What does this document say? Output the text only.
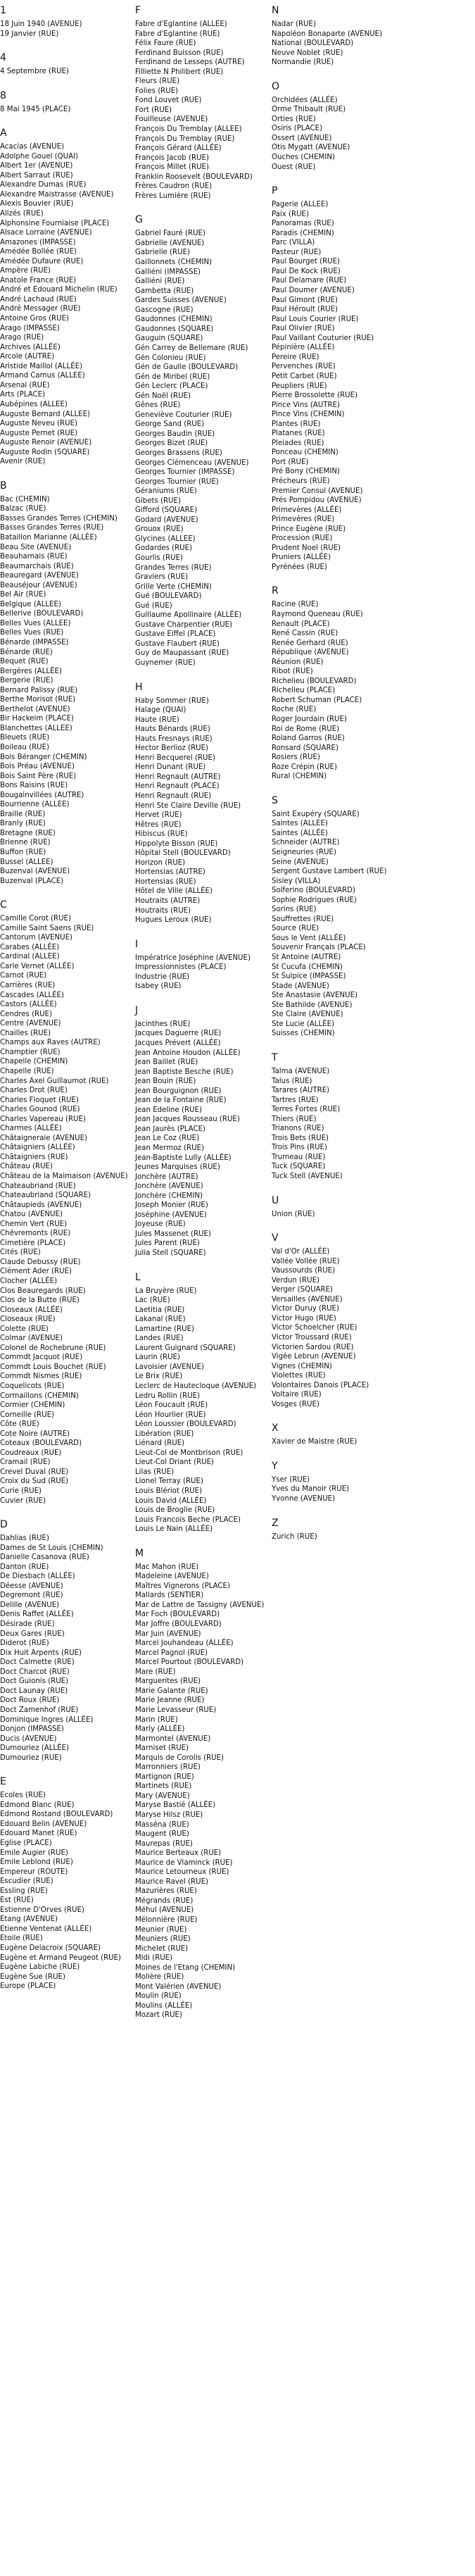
1
18 Juin 1940 (AVENUE)
19 Janvier (RUE)
4
4 Septembre (RUE)
8
8 Mai 1945 (PLACE)
A
Acacias (AVENUE)
Adolphe Gouel (QUAI)
Albert 1er (AVENUE)
Albert Sarraut (RUE)
Alexandre Dumas (RUE)
Alexandre Maistrasse (AVENUE)
Alexis Bouvier (RUE)
Alizés (RUE)
Alphonsine Fourniaise (PLACE)
Alsace Lorraine (AVENUE)
Amazones (IMPASSE)
Amédée Bollée (RUE)
Amédée Dufaure (RUE)
Ampère (RUE)
Anatole France (RUE)
André et Edouard Michelin (RUE)
André Lachaud (RUE)
André Messager (RUE)
Antoine Gros (RUE)
Arago (IMPASSE)
Arago (RUE)
Archives (ALLÉE)
Arcole (AUTRE)
Aristide Maillol (ALLÉE)
Armand Camus (ALLEE)
Arsenal (RUE)
Arts (PLACE)
Aubépines (ALLEE)
Auguste Bernard (ALLEE)
Auguste Neveu (RUE)
Auguste Pernet (RUE)
Auguste Renoir (AVENUE)
Auguste Rodin (SQUARE)
Avenir (RUE)
B
Bac (CHEMIN)
Balzac (RUE)
Basses Grandes Terres (CHEMIN)
Basses Grandes Terres (RUE)
Bataillon Marianne (ALLÉE)
Beau Site (AVENUE)
Beauharnais (RUE)
Beaumarchais (RUE)
Beauregard (AVENUE)
Beauséjour (AVENUE)
Bel Air (RUE)
Belgique (ALLEE)
Bellerive (BOULEVARD)
Belles Vues (ALLEE)
Belles Vues (RUE)
Bénarde (IMPASSE)
Bénarde (RUE)
Bequet (RUE)
Bergères (ALLÉE)
Bergerie (RUE)
Bernard Palissy (RUE)
Berthe Morisot (RUE)
Berthelot (AVENUE)
Bir Hackeim (PLACE)
Blanchettes (ALLEE)
Bleuets (RUE)
Boileau (RUE)
Bois Béranger (CHEMIN)
Bois Préau (AVENUE)
Bois Saint Père (RUE)
Bons Raisins (RUE)
Bougainvillées (AUTRE)
Bourrienne (ALLEE)
Braille (RUE)
Branly (RUE)
Bretagne (RUE)
Brienne (RUE)
Buffon (RUE)
Bussel (ALLEE)
Buzenval (AVENUE)
Buzenval (PLACE)
C
Camille Corot (RUE)
Camille Saint Saens (RUE)
Cantorum (AVENUE)
Carabes (ALLÉE)
Cardinal (ALLEE)
Carle Vernet (ALLÉE)
Carnot (RUE)
Carrières (RUE)
Cascades (ALLÉE)
Castors (ALLÉE)
Cendres (RUE)
Centre (AVENUE)
Chailles (RUE)
Champs aux Raves (AUTRE)
Champtier (RUE)
Chapelle (CHEMIN)
Chapelle (RUE)
Charles Axel Guillaumot (RUE)
Charles Drot (RUE)
Charles Floquet (RUE)
Charles Gounod (RUE)
Charles Vapereau (RUE)
Charmes (ALLÉE)
Châtaigneraie (AVENUE)
Châtaigniers (ALLÉE)
Châtaigniers (RUE)
Château (RUE)
Château de la Malmaison (AVENUE)
Chateaubriand (RUE)
Chateaubriand (SQUARE)
Châtaupieds (AVENUE)
Chatou (AVENUE)
Chemin Vert (RUE)
Chévremonts (RUE)
Cimetière (PLACE)
Cités (RUE)
Claude Debussy (RUE)
Clément Ader (RUE)
Clocher (ALLÉE)
Clos Beauregards (RUE)
Clos de la Butte (RUE)
Closeaux (ALLÉE)
Closeaux (RUE)
Colette (RUE)
Colmar (AVENUE)
Colonel de Rochebrune (RUE)
Commdt Jacquot (RUE)
Commdt Louis Bouchet (RUE)
Commdt Nismes (RUE)
Coquelicots (RUE)
Cormaillons (CHEMIN)
Cormier (CHEMIN)
Corneille (RUE)
Côte (RUE)
Cote Noire (AUTRE)
Coteaux (BOULEVARD)
Coudreaux (RUE)
Cramail (RUE)
Crevel Duval (RUE)
Croix du Sud (RUE)
Curie (RUE)
Cuvier (RUE)
D
Dahlias (RUE)
Dames de St Louis (CHEMIN)
Danielle Casanova (RUE)
Danton (RUE)
De Diesbach (ALLÉE)
Déesse (AVENUE)
Degremont (RUE)
Delille (AVENUE)
Denis Raffet (ALLÉE)
Désirade (RUE)
Deux Gares (RUE)
Diderot (RUE)
Dix Huit Arpents (RUE)
Doct Calmette (RUE)
Doct Charcot (RUE)
Doct Guionis (RUE)
Doct Launay (RUE)
Doct Roux (RUE)
Doct Zamenhof (RUE)
Dominique Ingres (ALLÉE)
Donjon (IMPASSE)
Ducis (AVENUE)
Dumouriez (ALLÉE)
Dumouriez (RUE)
E
Ecoles (RUE)
Edmond Blanc (RUE)
Edmond Rostand (BOULEVARD)
Edouard Belin (AVENUE)
Edouard Manet (RUE)
Eglise (PLACE)
Emile Augier (RUE)
Emile Leblond (RUE)
Empereur (ROUTE)
Escudier (RUE)
Essling (RUE)
Est (RUE)
Estienne D'Orves (RUE)
Etang (AVENUE)
Etienne Ventenat (ALLÉE)
Etoile (RUE)
Eugène Delacroix (SQUARE)
Eugène et Armand Peugeot (RUE)
Eugène Labiche (RUE)
Eugène Sue (RUE)
Europe (PLACE)
F
Fabre d'Eglantine (ALLEE)
Fabre d'Eglantine (RUE)
Félix Faure (RUE)
Ferdinand Buisson (RUE)
Ferdinand de Lesseps (AUTRE)
Filliette N Philibert (RUE)
Fleurs (RUE)
Folies (RUE)
Fond Louvet (RUE)
Fort (RUE)
Fouilleuse (AVENUE)
François Du Tremblay (ALLEE)
François Du Tremblay (RUE)
François Gérard (ALLÉE)
François Jacob (RUE)
François Millet (RUE)
Franklin Roosevelt (BOULEVARD)
Frères Caudron (RUE)
Frères Lumière (RUE)
G
Gabriel Fauré (RUE)
Gabrielle (AVENUE)
Gabrielle (RUE)
Gaillonnets (CHEMIN)
Galliéni (IMPASSE)
Galliéni (RUE)
Gambetta (RUE)
Gardes Suisses (AVENUE)
Gascogne (RUE)
Gaudonnes (CHEMIN)
Gaudonnes (SQUARE)
Gauguin (SQUARE)
Gén Carrey de Bellemare (RUE)
Gén Colonieu (RUE)
Gén de Gaulle (BOULEVARD)
Gén de Miribel (RUE)
Gén Leclerc (PLACE)
Gén Noël (RUE)
Gênes (RUE)
Geneviève Couturier (RUE)
George Sand (RUE)
Georges Baudin (RUE)
Georges Bizet (RUE)
Georges Brassens (RUE)
Georges Clémenceau (AVENUE)
Georges Tournier (IMPASSE)
Georges Tournier (RUE)
Géraniums (RUE)
Gibets (RUE)
Gifford (SQUARE)
Godard (AVENUE)
Grouox (RUE)
Glycines (ALLEE)
Godardes (RUE)
Gourlis (RUE)
Grandes Terres (RUE)
Graviers (RUE)
Grille Verte (CHEMIN)
Gué (BOULEVARD)
Gué (RUE)
Guillaume Apollinaire (ALLÉE)
Gustave Charpentier (RUE)
Gustave Eiffel (PLACE)
Gustave Flaubert (RUE)
Guy de Maupassant (RUE)
Guynemer (RUE)
H
Haby Sommer (RUE)
Halage (QUAI)
Haute (RUE)
Hauts Bénards (RUE)
Hauts Fresnays (RUE)
Hector Berlioz (RUE)
Henri Becquerel (RUE)
Henri Dunant (RUE)
Henri Regnault (AUTRE)
Henri Regnault (PLACE)
Henri Regnault (RUE)
Henri Ste Claire Deville (RUE)
Hervet (RUE)
Hêtres (RUE)
Hibiscus (RUE)
Hippolyte Bisson (RUE)
Hôpital Stell (BOULEVARD)
Horizon (RUE)
Hortensias (AUTRE)
Hortensias (RUE)
Hôtel de Ville (ALLÉE)
Houtraits (AUTRE)
Houtraits (RUE)
Hugues Leroux (RUE)
I
Impératrice Joséphine (AVENUE)
Impressionnistes (PLACE)
Industrie (RUE)
Isabey (RUE)
J
Jacinthes (RUE)
Jacques Daguerre (RUE)
Jacques Prévert (ALLÉE)
Jean Antoine Houdon (ALLÉE)
Jean Baillet (RUE)
Jean Baptiste Besche (RUE)
Jean Bouin (RUE)
Jean Bourguignon (RUE)
Jean de la Fontaine (RUE)
Jean Edeline (RUE)
Jean Jacques Rousseau (RUE)
Jean Jaurès (PLACE)
Jean Le Coz (RUE)
Jean Mermoz (RUE)
Jean-Baptiste Lully (ALLÉE)
Jeunes Marquises (RUE)
Jonchère (AUTRE)
Jonchère (AVENUE)
Jonchère (CHEMIN)
Joseph Monier (RUE)
Joséphine (AVENUE)
Joyeuse (RUE)
Jules Massenet (RUE)
Jules Parent (RUE)
Julia Stell (SQUARE)
L
La Bruyère (RUE)
Lac (RUE)
Laetitia (RUE)
Lakanal (RUE)
Lamartine (RUE)
Landes (RUE)
Laurent Guignard (SQUARE)
Laurin (RUE)
Lavoisier (AVENUE)
Le Brix (RUE)
Leclerc de Hautecloque (AVENUE)
Ledru Rollin (RUE)
Léon Foucault (RUE)
Léon Hourlier (RUE)
Léon Loussier (BOULEVARD)
Libération (RUE)
Liénard (RUE)
Lieut-Col de Montbrison (RUE)
Lieut-Col Driant (RUE)
Lilas (RUE)
Lionel Terray (RUE)
Louis Blériot (RUE)
Louis David (ALLÉE)
Louis de Broglie (RUE)
Louis Francois Beche (PLACE)
Louis Le Nain (ALLÉE)
M
Mac Mahon (RUE)
Madeleine (AVENUE)
Maîtres Vignerons (PLACE)
Mallards (SENTIER)
Mar de Lattre de Tassigny (AVENUE)
Mar Foch (BOULEVARD)
Mar Joffre (BOULEVARD)
Mar Juin (AVENUE)
Marcel Jouhandeau (ALLÉE)
Marcel Pagnol (RUE)
Marcel Pourtout (BOULEVARD)
Mare (RUE)
Marguerites (RUE)
Marie Galante (RUE)
Marie Jeanne (RUE)
Marie Levasseur (RUE)
Marin (RUE)
Marly (ALLÉE)
Marmontel (AVENUE)
Marniset (RUE)
Marquis de Corolis (RUE)
Marronniers (RUE)
Martignon (RUE)
Martinets (RUE)
Mary (AVENUE)
Maryse Bastié (ALLÉE)
Maryse Hilsz (RUE)
Masséna (RUE)
Maugent (RUE)
Maurepas (RUE)
Maurice Berteaux (RUE)
Maurice de Vlaminck (RUE)
Maurice Letourneux (RUE)
Maurice Ravel (RUE)
Mazurières (RUE)
Mégrands (RUE)
Méhul (AVENUE)
Mélonnière (RUE)
Meunier (RUE)
Meuniers (RUE)
Michelet (RUE)
Midi (RUE)
Moines de l'Etang (CHEMIN)
Molière (RUE)
Mont Valérien (AVENUE)
Moulin (RUE)
Moulins (ALLÉE)
Mozart (RUE)
N
Nadar (RUE)
Napoléon Bonaparte (AVENUE)
National (BOULEVARD)
Neuve Noblet (RUE)
Normandie (RUE)
O
Orchidées (ALLÉE)
Orme Thibault (RUE)
Orties (RUE)
Osiris (PLACE)
Ossert (AVENUE)
Otis Mygatt (AVENUE)
Ouches (CHEMIN)
Ouest (RUE)
P
Pagerie (ALLEE)
Paix (RUE)
Panoramas (RUE)
Paradis (CHEMIN)
Parc (VILLA)
Pasteur (RUE)
Paul Bourget (RUE)
Paul De Kock (RUE)
Paul Delamare (RUE)
Paul Doumer (AVENUE)
Paul Gimont (RUE)
Paul Héroult (RUE)
Paul Louis Courier (RUE)
Paul Olivier (RUE)
Paul Vaillant Couturier (RUE)
Pépinière (ALLÉE)
Pereire (RUE)
Pervenches (RUE)
Petit Carbet (RUE)
Peupliers (RUE)
Pierre Brossolette (RUE)
Pince Vins (AUTRE)
Pince Vins (CHEMIN)
Plantes (RUE)
Platanes (RUE)
Pleiades (RUE)
Ponceau (CHEMIN)
Port (RUE)
Pré Bony (CHEMIN)
Précheurs (RUE)
Premier Consul (AVENUE)
Prés Pompidou (AVENUE)
Primevères (ALLÉE)
Primevères (RUE)
Prince Eugène (RUE)
Procession (RUE)
Prudent Noel (RUE)
Pruniers (ALLÉE)
Pyrénées (RUE)
R
Racine (RUE)
Raymond Queneau (RUE)
Renault (PLACE)
René Cassin (RUE)
Renée Gerhard (RUE)
République (AVENUE)
Réunion (RUE)
Ribot (RUE)
Richelieu (BOULEVARD)
Richelieu (PLACE)
Robert Schuman (PLACE)
Roche (RUE)
Roger Jourdain (RUE)
Roi de Rome (RUE)
Roland Garros (RUE)
Ronsard (SQUARE)
Rosiers (RUE)
Roze Crépin (RUE)
Rural (CHEMIN)
S
Saint Exupéry (SQUARE)
Saintes (ALLEE)
Saintes (ALLÉE)
Schneider (AUTRE)
Seigneuries (RUE)
Seine (AVENUE)
Sergent Gustave Lambert (RUE)
Sisley (VILLA)
Solferino (BOULEVARD)
Sophie Rodrigues (RUE)
Sorins (RUE)
Souffrettes (RUE)
Source (RUE)
Sous le Vent (ALLÉE)
Souvenir Français (PLACE)
St Antoine (AUTRE)
St Cucufa (CHEMIN)
St Sulpice (IMPASSE)
Stade (AVENUE)
Ste Anastasie (AVENUE)
Ste Bathilde (AVENUE)
Ste Claire (AVENUE)
Ste Lucie (ALLÉE)
Suisses (CHEMIN)
T
Talma (AVENUE)
Talus (RUE)
Tarares (AUTRE)
Tartres (RUE)
Terres Fortes (RUE)
Thiers (RUE)
Trianons (RUE)
Trois Bets (RUE)
Trois Pins (RUE)
Trumeau (RUE)
Tuck (SQUARE)
Tuck Stell (AVENUE)
U
Union (RUE)
V
Val d'Or (ALLÉE)
Vallée Vollée (RUE)
Vaussourds (RUE)
Verdun (RUE)
Verger (SQUARE)
Versailles (AVENUE)
Victor Duruy (RUE)
Victor Hugo (RUE)
Victor Schoelcher (RUE)
Victor Troussard (RUE)
Victorien Sardou (RUE)
Vigée Lebrun (AVENUE)
Vignes (CHEMIN)
Violettes (RUE)
Volontaires Danois (PLACE)
Voltaire (RUE)
Vosges (RUE)
X
Xavier de Maistre (RUE)
Y
Yser (RUE)
Yves du Manoir (RUE)
Yvonne (AVENUE)
Z
Zurich (RUE)
